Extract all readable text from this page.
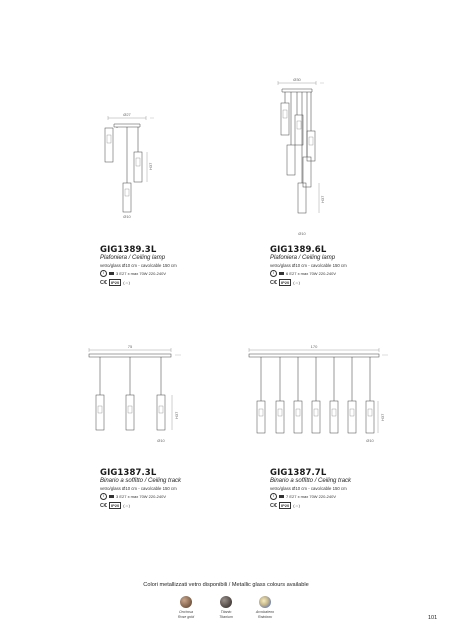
Ø27
H37
Ø10
Ø30
H37
Ø10
75
H37
Ø10
170
H37
Ø10
GIG1389.3L
Plafoniera / Ceiling lamp
vetro/glass Ø10 cm - cavo/cable 150 cm
Ⅰ	3 E27 x max 70W 220-240V
C€	IP20	(⇔)
GIG1389.6L
Plafoniera / Ceiling lamp
vetro/glass Ø10 cm - cavo/cable 150 cm
Ⅰ	6 E27 x max 70W 220-240V
C€	IP20	(⇔)
GIG1387.3L
Binario a soffitto / Ceiling track
vetro/glass Ø10 cm - cavo/cable 150 cm
Ⅰ	3 E27 x max 70W 220-240V
C€	IP20	(⇔)
GIG1387.7L
Binario a soffitto / Ceiling track
vetro/glass Ø10 cm - cavo/cable 150 cm
Ⅰ	7 E27 x max 70W 220-240V
C€	IP20	(⇔)
Colori metallizzati vetro disponibili / Metallic glass colours available
Oro/rosa
Rose gold
Titanio
Titanium
Arcobaleno
Rainbow	101
